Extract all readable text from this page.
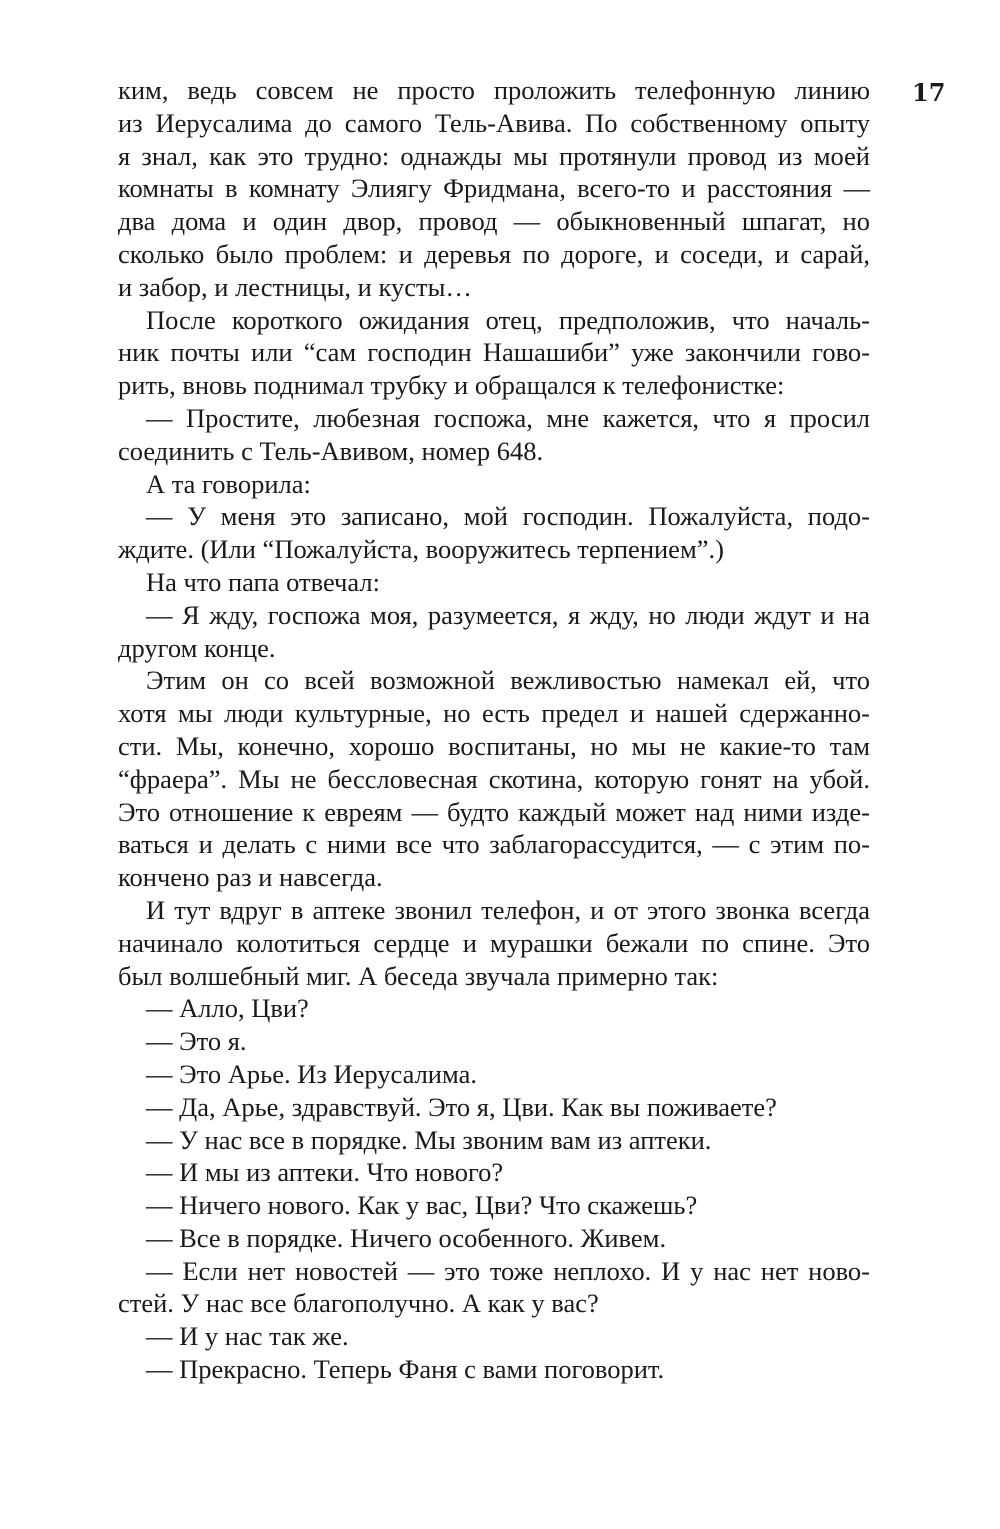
17
ким, ведь совсем не просто проложить телефонную линию
из Иерусалима до самого Тель-Авива. По собственному опыту
я знал, как это трудно: однажды мы протянули провод из моей
комнаты в комнату Элиягу Фридмана, всего-то и расстояния —
два дома и один двор, провод — обыкновенный шпагат, но
сколько было проблем: и деревья по дороге, и соседи, и сарай,
и забор, и лестницы, и кусты…
После короткого ожидания отец, предположив, что началь-
ник почты или “сам господин Нашашиби” уже закончили гово-
рить, вновь поднимал трубку и обращался к телефонистке:
— Простите, любезная госпожа, мне кажется, что я просил
соединить с Тель-Авивом, номер 648.
А та говорила:
— У меня это записано, мой господин. Пожалуйста, подо-
ждите. (Или “Пожалуйста, вооружитесь терпением”.)
На что папа отвечал:
— Я жду, госпожа моя, разумеется, я жду, но люди ждут и на
другом конце.
Этим он со всей возможной вежливостью намекал ей, что
хотя мы люди культурные, но есть предел и нашей сдержанно-
сти. Мы, конечно, хорошо воспитаны, но мы не какие-то там
“фраера”. Мы не бессловесная скотина, которую гонят на убой.
Это отношение к евреям — будто каждый может над ними изде-
ваться и делать с ними все что заблагорассудится, — с этим по-
кончено раз и навсегда.
И тут вдруг в аптеке звонил телефон, и от этого звонка всегда
начинало колотиться сердце и мурашки бежали по спине. Это
был волшебный миг. А беседа звучала примерно так:
— Алло, Цви?
— Это я.
— Это Арье. Из Иерусалима.
— Да, Арье, здравствуй. Это я, Цви. Как вы поживаете?
— У нас все в порядке. Мы звоним вам из аптеки.
— И мы из аптеки. Что нового?
— Ничего нового. Как у вас, Цви? Что скажешь?
— Все в порядке. Ничего особенного. Живем.
— Если нет новостей — это тоже неплохо. И у нас нет ново-
стей. У нас все благополучно. А как у вас?
— И у нас так же.
— Прекрасно. Теперь Фаня с вами поговорит.
